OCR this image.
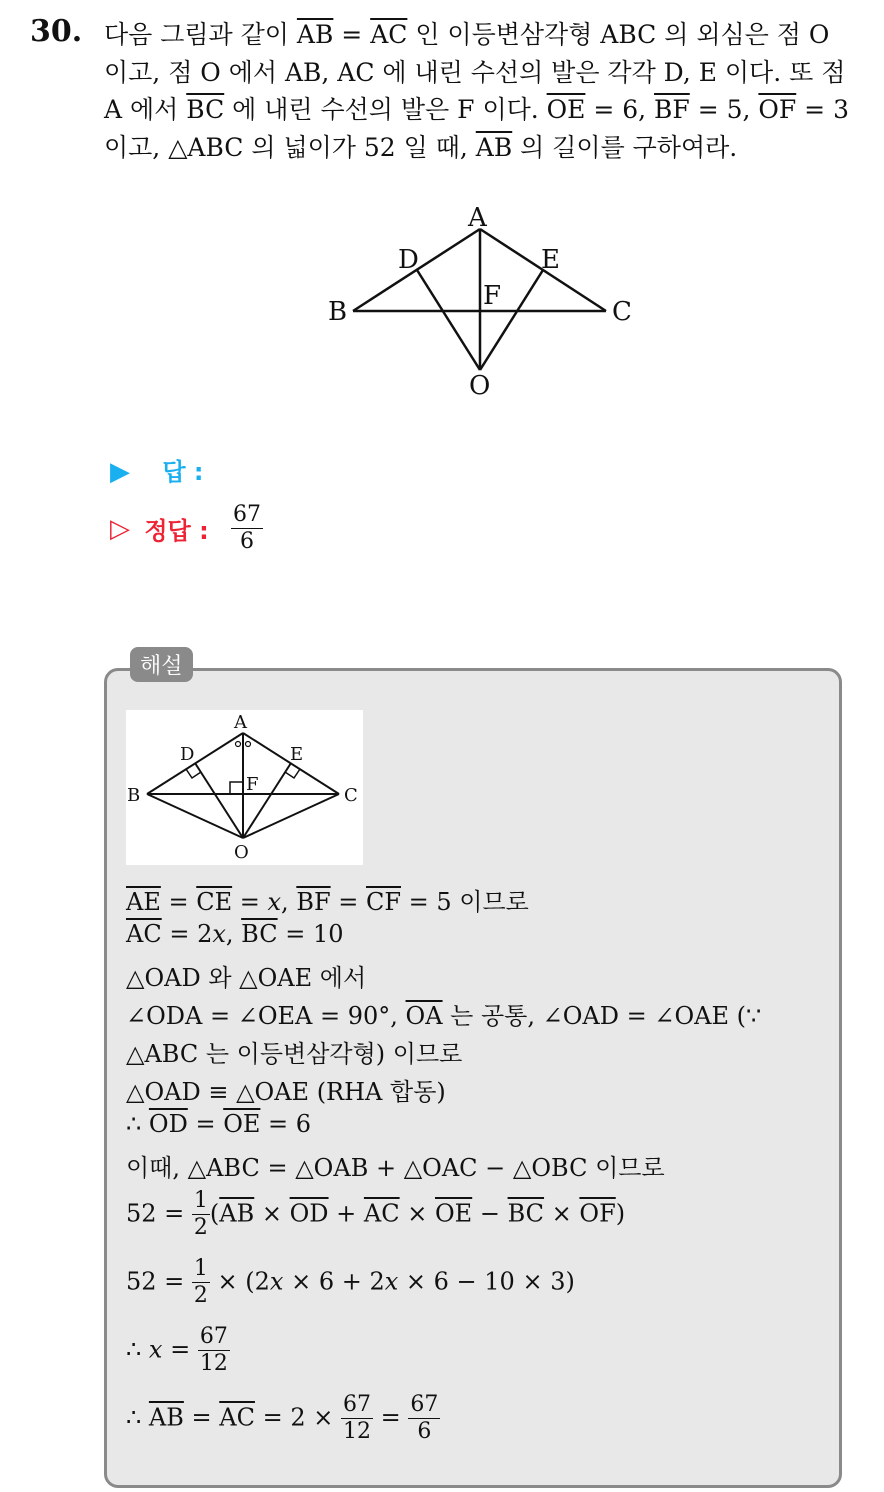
30. 다음 그림과 같이 $\overline{AB} = \overline{AC}$ 인 이등변삼각형 ABC 의 외심은 점 O
이고, 점 O 에서 AB, AC 에 내린 수선의 발은 각각 D, E 이다. 또 점
A 에서 $\overline{BC}$ 에 내린 수선의 발은 F 이다. $\overline{OE} = 6$, $\overline{BF} = 5$, $\overline{OF} = 3$
이고, △ABC 의 넓이가 52 일 때, $\overline{AB}$ 의 길이를 구하여라.
A
B	C
D	E
F
O
▶ 답 :
▷ 정답 : $\frac{67}{6}$
해설
A
B	C
D	E
F
O
$\overline{AE} = \overline{CE} = x$, $\overline{BF} = \overline{CF} = 5$ 이므로
$\overline{AC} = 2x$, $\overline{BC} = 10$
△OAD 와 △OAE 에서
∠ODA = ∠OEA = 90°, $\overline{OA}$ 는 공통, ∠OAD = ∠OAE (∵
△ABC 는 이등변삼각형) 이므로
△OAD ≡ △OAE (RHA 합동)
∴ $\overline{OD} = \overline{OE} = 6$
이때, △ABC = △OAB + △OAC − △OBC 이므로
$52 = \frac{1}{2} (\overline{AB} \times \overline{OD} + \overline{AC} \times \overline{OE} - \overline{BC} \times \overline{OF})$
$52 = \frac{1}{2} \times (2x \times 6 + 2x \times 6 - 10 \times 3)$
∴ $x = \frac{67}{12}$
∴ $\overline{AB} = \overline{AC} = 2 \times \frac{67}{12} = \frac{67}{6}$
